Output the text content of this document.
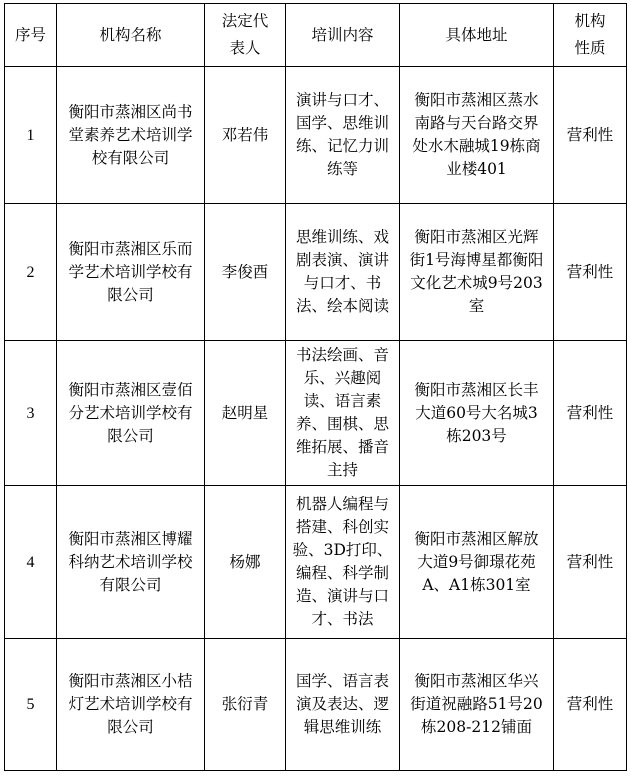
序号	机构名称	法定代表人	培训内容	具体地址	机构性质
1	衡阳市蒸湘区尚书堂素养艺术培训学校有限公司	邓若伟	演讲与口才、国学、思维训练、记忆力训练等	衡阳市蒸湘区蒸水南路与天台路交界处水木融城19栋商业楼401	营利性
2	衡阳市蒸湘区乐而学艺术培训学校有限公司	李俊酉	思维训练、戏剧表演、演讲与口才、书法、绘本阅读	衡阳市蒸湘区光辉街1号海博星都衡阳文化艺术城9号203室	营利性
3	衡阳市蒸湘区壹佰分艺术培训学校有限公司	赵明星	书法绘画、音乐、兴趣阅读、语言素养、围棋、思维拓展、播音主持	衡阳市蒸湘区长丰大道60号大名城3栋203号	营利性
4	衡阳市蒸湘区博耀科纳艺术培训学校有限公司	杨娜	机器人编程与搭建、科创实验、3D打印、编程、科学制造、演讲与口才、书法	衡阳市蒸湘区解放大道9号御璟花苑A、A1栋301室	营利性
5	衡阳市蒸湘区小桔灯艺术培训学校有限公司	张衍青	国学、语言表演及表达、逻辑思维训练	衡阳市蒸湘区华兴街道祝融路51号20栋208-212铺面	营利性
